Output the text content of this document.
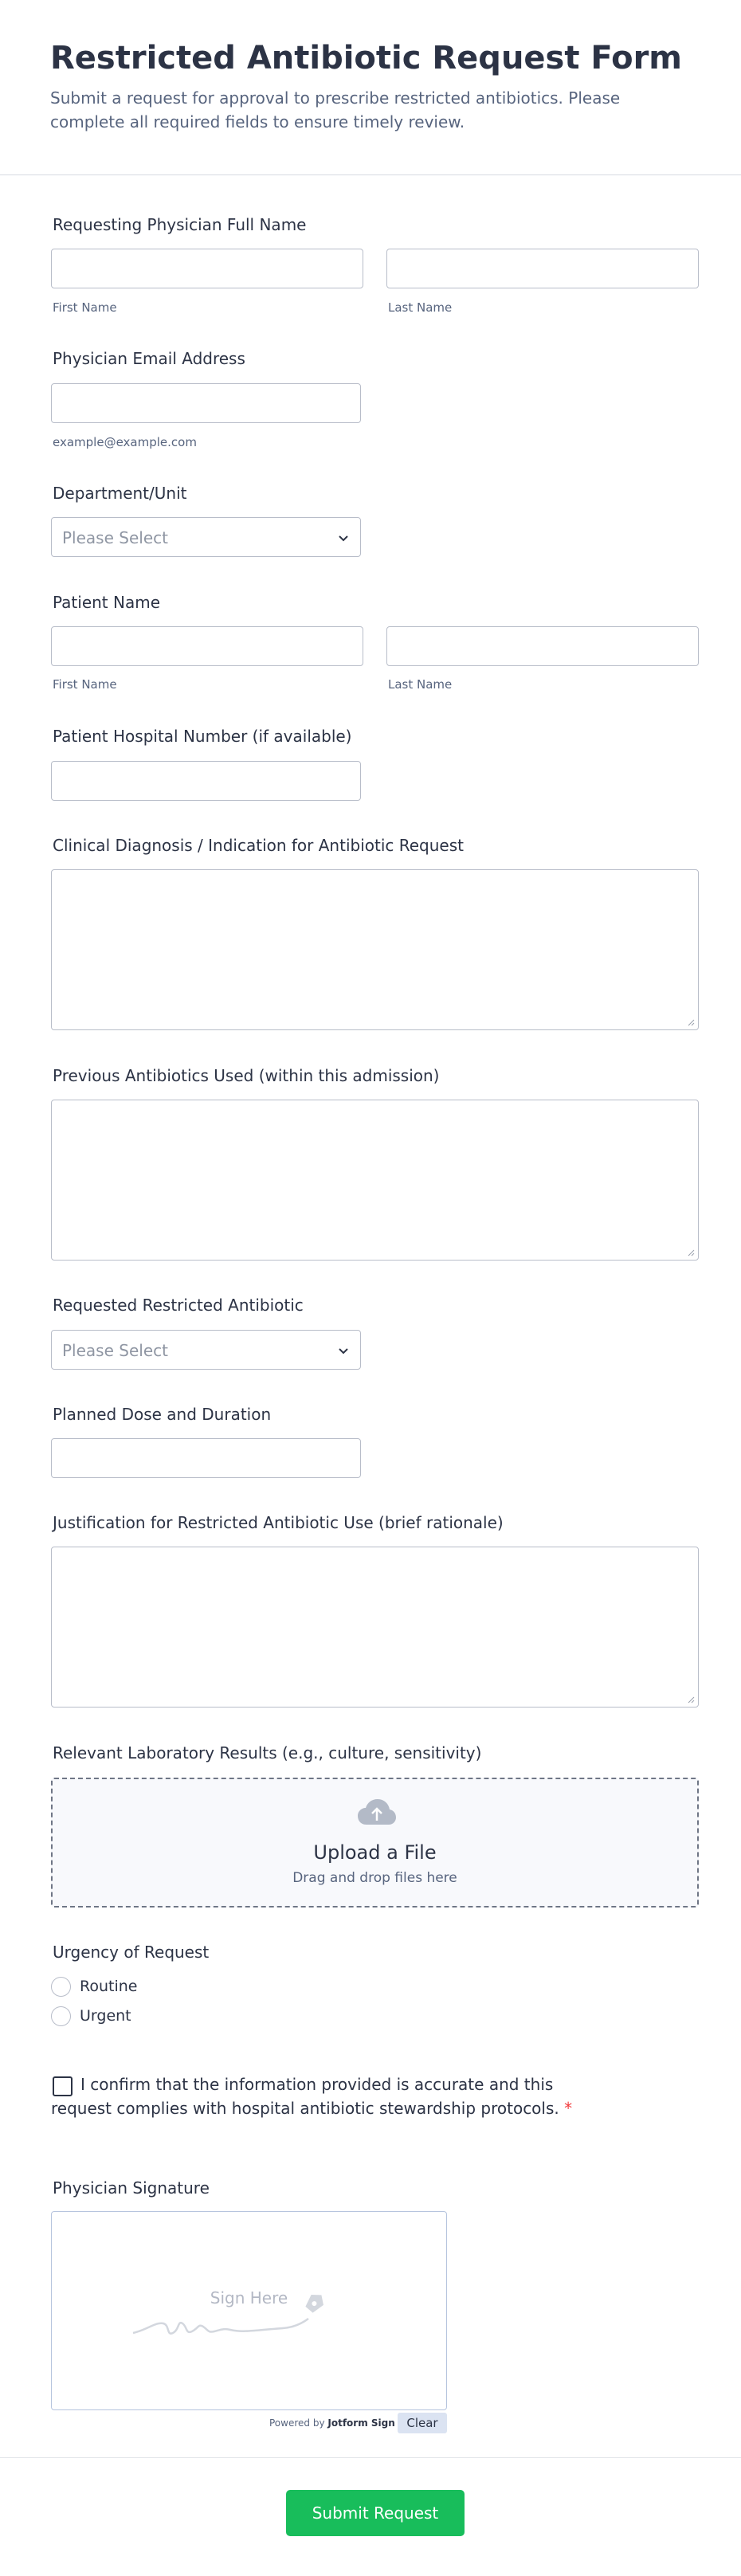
Restricted Antibiotic Request Form

Submit a request for approval to prescribe restricted antibiotics. Please complete all required fields to ensure timely review.

Requesting Physician Full Name
First Name	Last Name
Physician Email Address
example@example.com
Department/Unit
Please Select
Patient Name
First Name	Last Name
Patient Hospital Number (if available)
Clinical Diagnosis / Indication for Antibiotic Request
Previous Antibiotics Used (within this admission)
Requested Restricted Antibiotic
Please Select
Planned Dose and Duration
Justification for Restricted Antibiotic Use (brief rationale)
Relevant Laboratory Results (e.g., culture, sensitivity)
Upload a File
Drag and drop files here
Urgency of Request
Routine
Urgent
I confirm that the information provided is accurate and this request complies with hospital antibiotic stewardship protocols. *
Physician Signature
Sign Here
Powered by Jotform Sign Clear
Submit Request
